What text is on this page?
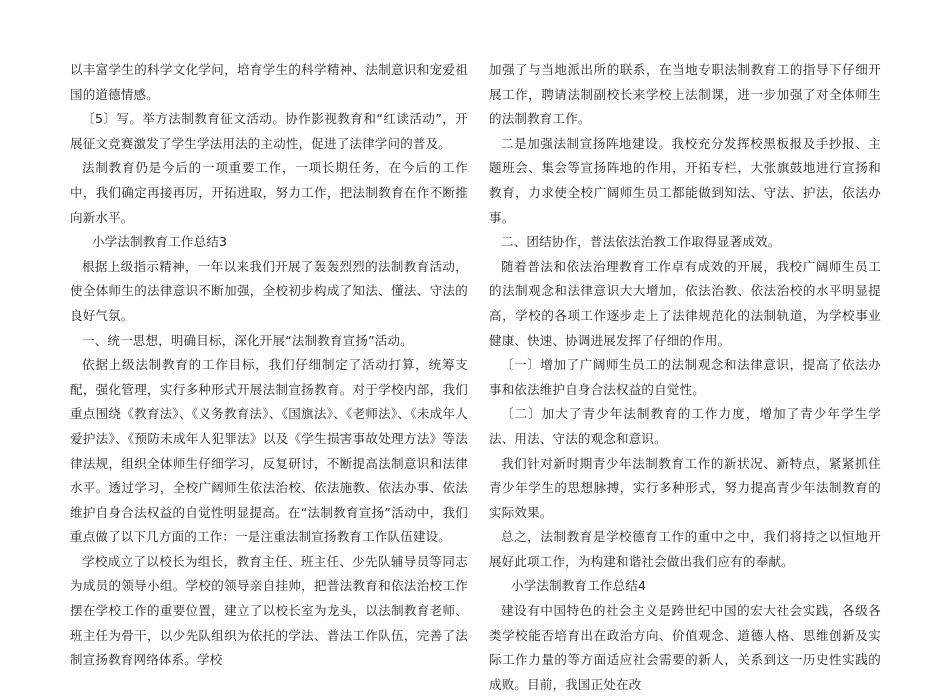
以丰富学生的科学文化学问，培育学生的科学精神、法制意识和宠爱祖国的道德情感。

〔5〕写。举方法制教育征文活动。协作影视教育和“红读活动”，开展征文竞赛激发了学生学法用法的主动性，促进了法律学问的普及。

法制教育仍是今后的一项重要工作，一项长期任务，在今后的工作中，我们确定再接再厉，开拓进取，努力工作，把法制教育在作不断推向新水平。

小学法制教育工作总结3

根据上级指示精神，一年以来我们开展了轰轰烈烈的法制教育活动，使全体师生的法律意识不断加强，全校初步构成了知法、懂法、守法的良好气氛。

一、统一思想，明确目标，深化开展“法制教育宣扬”活动。

依据上级法制教育的工作目标，我们仔细制定了活动打算，统筹支配，强化管理，实行多种形式开展法制宣扬教育。对于学校内部，我们重点围绕《教育法》、《义务教育法》、《国旗法》、《老师法》、《未成年人爱护法》、《预防未成年人犯罪法》以及《学生损害事故处理方法》等法律法规，组织全体师生仔细学习，反复研讨，不断提高法制意识和法律水平。透过学习，全校广阔师生依法治校、依法施教、依法办事、依法维护自身合法权益的自觉性明显提高。在“法制教育宣扬”活动中，我们重点做了以下几方面的工作：一是注重法制宣扬教育工作队伍建设。

学校成立了以校长为组长，教育主任、班主任、少先队辅导员等同志为成员的领导小组。学校的领导亲自挂帅，把普法教育和依法治校工作摆在学校工作的重要位置，建立了以校长室为龙头，以法制教育老师、班主任为骨干，以少先队组织为依托的学法、普法工作队伍，完善了法制宣扬教育网络体系。学校

加强了与当地派出所的联系，在当地专职法制教育工的指导下仔细开展工作，聘请法制副校长来学校上法制课，进一步加强了对全体师生的法制教育工作。

二是加强法制宣扬阵地建设。我校充分发挥校黑板报及手抄报、主题班会、集会等宣扬阵地的作用，开拓专栏，大张旗鼓地进行宣扬和教育，力求使全校广阔师生员工都能做到知法、守法、护法，依法办事。

二、团结协作，普法依法治教工作取得显著成效。

随着普法和依法治理教育工作卓有成效的开展，我校广阔师生员工的法制观念和法律意识大大增加，依法治教、依法治校的水平明显提高，学校的各项工作逐步走上了法律规范化的法制轨道，为学校事业健康、快速、协调进展发挥了仔细的作用。

〔一〕增加了广阔师生员工的法制观念和法律意识，提高了依法办事和依法维护自身合法权益的自觉性。

〔二〕加大了青少年法制教育的工作力度，增加了青少年学生学法、用法、守法的观念和意识。

我们针对新时期青少年法制教育工作的新状况、新特点，紧紧抓住青少年学生的思想脉搏，实行多种形式，努力提高青少年法制教育的实际效果。

总之，法制教育是学校德育工作的重中之中，我们将持之以恒地开展好此项工作，为构建和谐社会做出我们应有的奉献。

小学法制教育工作总结4

建设有中国特色的社会主义是跨世纪中国的宏大社会实践，各级各类学校能否培育出在政治方向、价值观念、道德人格、思维创新及实际工作力量的等方面适应社会需要的新人，关系到这一历史性实践的成败。目前，我国正处在改
